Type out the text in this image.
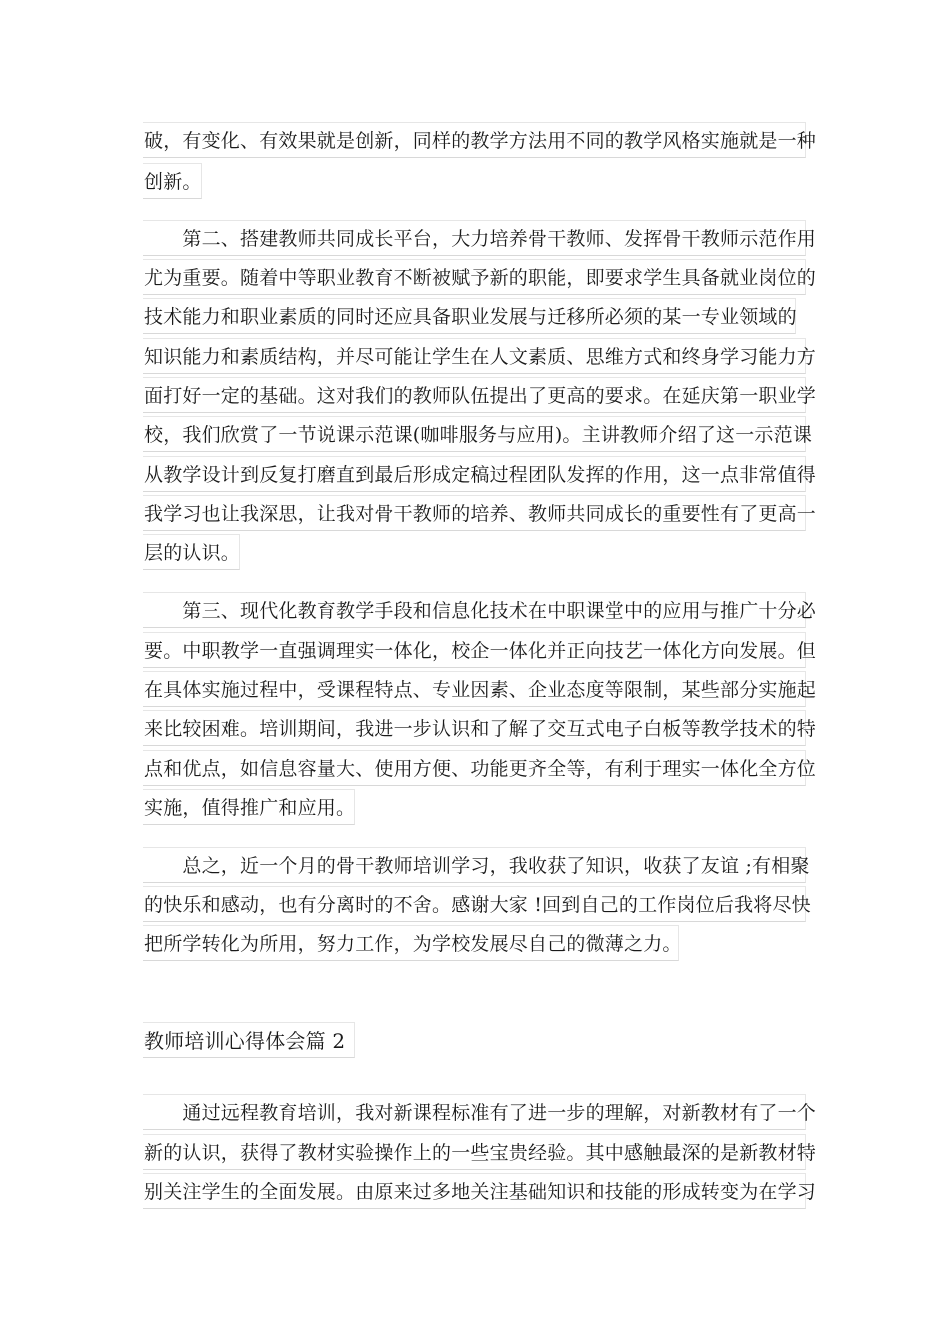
破，有变化、有效果就是创新，同样的教学方法用不同的教学风格实施就是一种
创新。
　　第二、搭建教师共同成长平台，大力培养骨干教师、发挥骨干教师示范作用
尤为重要。随着中等职业教育不断被赋予新的职能，即要求学生具备就业岗位的
技术能力和职业素质的同时还应具备职业发展与迁移所必须的某一专业领域的
知识能力和素质结构，并尽可能让学生在人文素质、思维方式和终身学习能力方
面打好一定的基础。这对我们的教师队伍提出了更高的要求。在延庆第一职业学
校，我们欣赏了一节说课示范课(咖啡服务与应用)。主讲教师介绍了这一示范课
从教学设计到反复打磨直到最后形成定稿过程团队发挥的作用，这一点非常值得
我学习也让我深思，让我对骨干教师的培养、教师共同成长的重要性有了更高一
层的认识。
　　第三、现代化教育教学手段和信息化技术在中职课堂中的应用与推广十分必
要。中职教学一直强调理实一体化，校企一体化并正向技艺一体化方向发展。但
在具体实施过程中，受课程特点、专业因素、企业态度等限制，某些部分实施起
来比较困难。培训期间，我进一步认识和了解了交互式电子白板等教学技术的特
点和优点，如信息容量大、使用方便、功能更齐全等，有利于理实一体化全方位
实施，值得推广和应用。
　　总之，近一个月的骨干教师培训学习，我收获了知识，收获了友谊 ;有相聚
的快乐和感动，也有分离时的不舍。感谢大家 !回到自己的工作岗位后我将尽快
把所学转化为所用，努力工作，为学校发展尽自己的微薄之力。
教师培训心得体会篇 2
　　通过远程教育培训，我对新课程标准有了进一步的理解，对新教材有了一个
新的认识，获得了教材实验操作上的一些宝贵经验。其中感触最深的是新教材特
别关注学生的全面发展。由原来过多地关注基础知识和技能的形成转变为在学习
